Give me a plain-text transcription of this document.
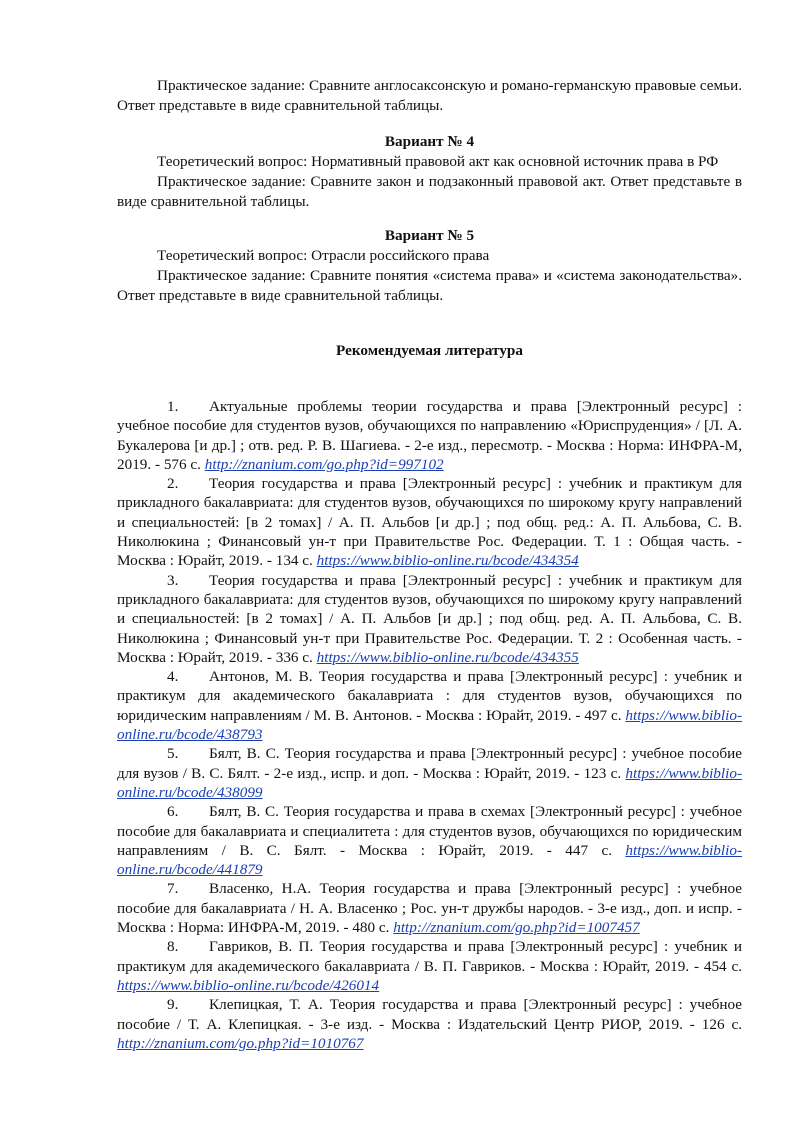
Практическое задание: Сравните англосаксонскую и романо-германскую правовые семьи. Ответ представьте в виде сравнительной таблицы.

Вариант № 4

Теоретический вопрос: Нормативный правовой акт как основной источник права в РФ

Практическое задание: Сравните закон и подзаконный правовой акт. Ответ представьте в виде сравнительной таблицы.

Вариант № 5

Теоретический вопрос: Отрасли российского права

Практическое задание: Сравните понятия «система права» и «система законодательства». Ответ представьте в виде сравнительной таблицы.

Рекомендуемая литература

1. Актуальные проблемы теории государства и права [Электронный ресурс] : учебное пособие для студентов вузов, обучающихся по направлению «Юриспруденция» / [Л. А. Букалерова [и др.] ; отв. ред. Р. В. Шагиева. - 2-е изд., пересмотр. - Москва : Норма: ИНФРА-М, 2019. - 576 с. http://znanium.com/go.php?id=997102

2. Теория государства и права [Электронный ресурс] : учебник и практикум для прикладного бакалавриата: для студентов вузов, обучающихся по широкому кругу направлений и специальностей: [в 2 томах] / А. П. Альбов [и др.] ; под общ. ред.: А. П. Альбова, С. В. Николюкина ; Финансовый ун-т при Правительстве Рос. Федерации. Т. 1 : Общая часть. - Москва : Юрайт, 2019. - 134 с. https://www.biblio-online.ru/bcode/434354

3. Теория государства и права [Электронный ресурс] : учебник и практикум для прикладного бакалавриата: для студентов вузов, обучающихся по широкому кругу направлений и специальностей: [в 2 томах] / А. П. Альбов [и др.] ; под общ. ред. А. П. Альбова, С. В. Николюкина ; Финансовый ун-т при Правительстве Рос. Федерации. Т. 2 : Особенная часть. - Москва : Юрайт, 2019. - 336 с. https://www.biblio-online.ru/bcode/434355

4. Антонов, М. В. Теория государства и права [Электронный ресурс] : учебник и практикум для академического бакалавриата : для студентов вузов, обучающихся по юридическим направлениям / М. В. Антонов. - Москва : Юрайт, 2019. - 497 с. https://www.biblio-online.ru/bcode/438793

5. Бялт, В. С. Теория государства и права [Электронный ресурс] : учебное пособие для вузов / В. С. Бялт. - 2-е изд., испр. и доп. - Москва : Юрайт, 2019. - 123 с. https://www.biblio-online.ru/bcode/438099

6. Бялт, В. С. Теория государства и права в схемах [Электронный ресурс] : учебное пособие для бакалавриата и специалитета : для студентов вузов, обучающихся по юридическим направлениям / В. С. Бялт. - Москва : Юрайт, 2019. - 447 с. https://www.biblio-online.ru/bcode/441879

7. Власенко, Н.А. Теория государства и права [Электронный ресурс] : учебное пособие для бакалавриата / Н. А. Власенко ; Рос. ун-т дружбы народов. - 3-е изд., доп. и испр. - Москва : Норма: ИНФРА-М, 2019. - 480 с. http://znanium.com/go.php?id=1007457

8. Гавриков, В. П. Теория государства и права [Электронный ресурс] : учебник и практикум для академического бакалавриата / В. П. Гавриков. - Москва : Юрайт, 2019. - 454 с. https://www.biblio-online.ru/bcode/426014

9. Клепицкая, Т. А. Теория государства и права [Электронный ресурс] : учебное пособие / Т. А. Клепицкая. - 3-е изд. - Москва : Издательский Центр РИОР, 2019. - 126 с. http://znanium.com/go.php?id=1010767
